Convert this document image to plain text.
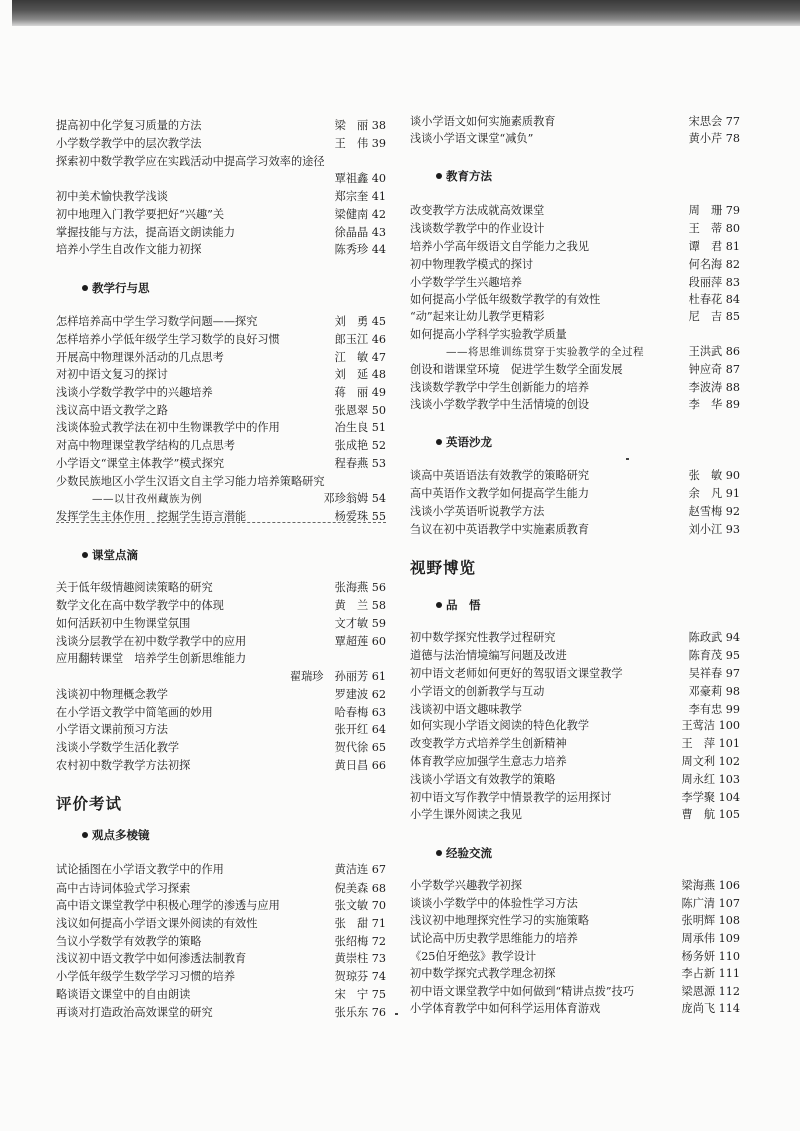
提高初中化学复习质量的方法	梁　丽 38
小学数学教学中的层次教学法	王　伟 39
探索初中数学教学应在实践活动中提高学习效率的途径
覃祖鑫 40
初中美术愉快教学浅谈	郑宗奎 41
初中地理入门教学要把好“兴趣”关	梁健南 42
掌握技能与方法，提高语文朗读能力	徐晶晶 43
培养小学生自改作文能力初探	陈秀珍 44
教学行与思
怎样培养高中学生学习数学问题——探究	刘　勇 45
怎样培养小学低年级学生学习数学的良好习惯	郎玉江 46
开展高中物理课外活动的几点思考	江　敏 47
对初中语文复习的探讨	刘　延 48
浅谈小学数学教学中的兴趣培养	蒋　丽 49
浅议高中语文教学之路	张恩翠 50
浅谈体验式教学法在初中生物课教学中的作用	冶生良 51
对高中物理课堂教学结构的几点思考	张成艳 52
小学语文“课堂主体教学”模式探究	程春燕 53
少数民族地区小学生汉语文自主学习能力培养策略研究
——以甘孜州藏族为例	邓珍翁姆 54
发挥学生主体作用　挖掘学生语言潜能	杨爱珠 55
课堂点滴
关于低年级情趣阅读策略的研究	张海燕 56
数学文化在高中数学教学中的体现	黄　兰 58
如何活跃初中生物课堂氛围	文才敏 59
浅谈分层教学在初中数学教学中的应用	覃超莲 60
应用翻转课堂　培养学生创新思维能力
翟瑞珍　孙丽芳 61
浅谈初中物理概念教学	罗建波 62
在小学语文教学中简笔画的妙用	哈春梅 63
小学语文课前预习方法	张开红 64
浅谈小学数学生活化教学	贺代徐 65
农村初中数学教学方法初探	黄日昌 66
评价考试
观点多棱镜
试论插图在小学语文教学中的作用	黄洁连 67
高中古诗词体验式学习探索	倪美森 68
高中语文课堂教学中积极心理学的渗透与应用	张文敏 70
浅议如何提高小学语文课外阅读的有效性	张　甜 71
刍议小学数学有效教学的策略	张绍梅 72
浅议初中语文教学中如何渗透法制教育	黄崇柱 73
小学低年级学生数学学习习惯的培养	贺琼芬 74
略谈语文课堂中的自由朗读	宋　宁 75
再谈对打造政治高效课堂的研究	张乐东 76
谈小学语文如何实施素质教育	宋思会 77
浅谈小学语文课堂“减负”	黄小芹 78
教育方法
改变教学方法成就高效课堂	周　珊 79
浅谈数学教学中的作业设计	王　蒂 80
培养小学高年级语文自学能力之我见	谭　君 81
初中物理教学模式的探讨	何名海 82
小学数学学生兴趣培养	段丽萍 83
如何提高小学低年级数学教学的有效性	杜春花 84
“动”起来让幼儿教学更精彩	尼　吉 85
如何提高小学科学实验教学质量
——将思维训练贯穿于实验教学的全过程	王洪武 86
创设和谐课堂环境　促进学生数学全面发展	钟应奇 87
浅谈数学教学中学生创新能力的培养	李波涛 88
浅谈小学数学教学中生活情境的创设	李　华 89
英语沙龙
谈高中英语语法有效教学的策略研究	张　敏 90
高中英语作文教学如何提高学生能力	余　凡 91
浅谈小学英语听说教学方法	赵雪梅 92
刍议在初中英语教学中实施素质教育	刘小江 93
视野博览
品　悟
初中数学探究性教学过程研究	陈政武 94
道德与法治情境编写问题及改进	陈育茂 95
初中语文老师如何更好的驾驭语文课堂教学	吴祥春 97
小学语文的创新教学与互动	邓豪莉 98
浅谈初中语文趣味教学	李有忠 99
如何实现小学语文阅读的特色化教学	王莺洁 100
改变教学方式培养学生创新精神	王　萍 101
体育教学应加强学生意志力培养	周文利 102
浅谈小学语文有效教学的策略	周永红 103
初中语文写作教学中情景教学的运用探讨	李学聚 104
小学生课外阅读之我见	曹　航 105
经验交流
小学数学兴趣教学初探	梁海燕 106
谈谈小学数学中的体验性学习方法	陈广清 107
浅议初中地理探究性学习的实施策略	张明辉 108
试论高中历史教学思维能力的培养	周承伟 109
《25伯牙绝弦》教学设计	杨务妍 110
初中数学探究式教学理念初探	李占新 111
初中语文课堂教学中如何做到“精讲点拨”技巧	梁恩源 112
小学体育教学中如何科学运用体育游戏	庞尚飞 114
